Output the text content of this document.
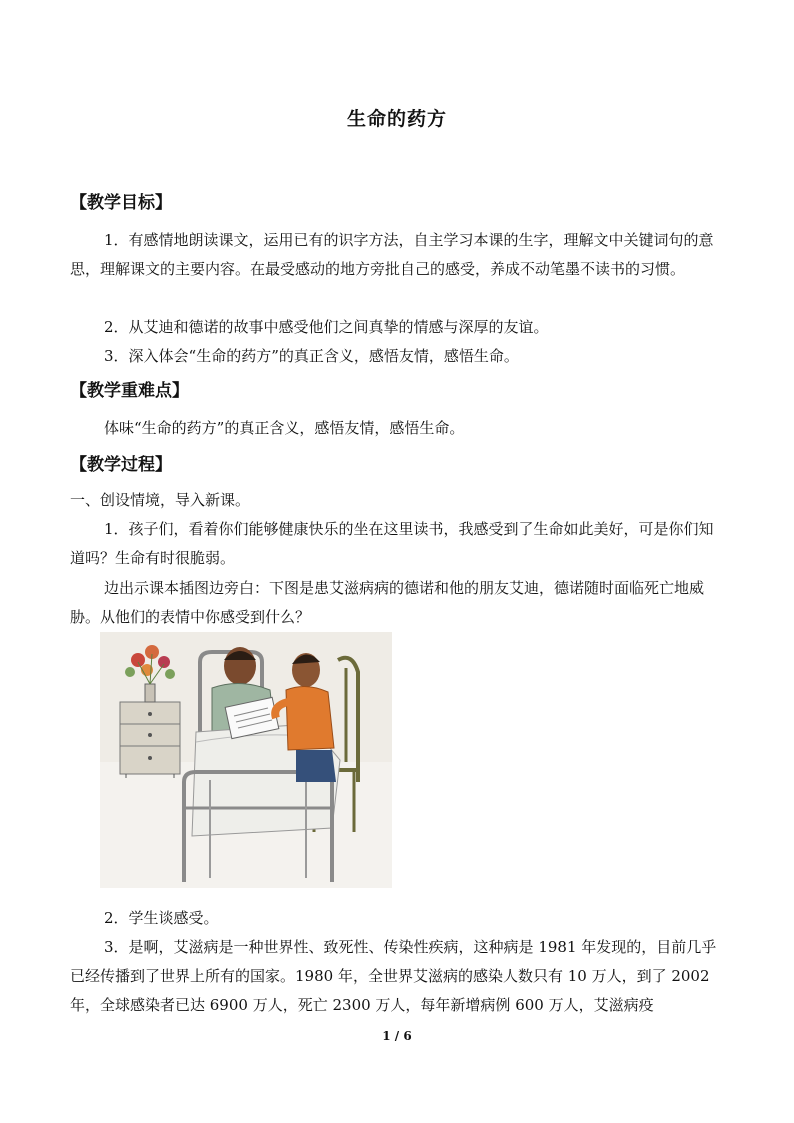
生命的药方
【教学目标】
1．有感情地朗读课文，运用已有的识字方法，自主学习本课的生字，理解文中关键词句的意思，理解课文的主要内容。在最受感动的地方旁批自己的感受，养成不动笔墨不读书的习惯。
2．从艾迪和德诺的故事中感受他们之间真挚的情感与深厚的友谊。
3．深入体会“生命的药方”的真正含义，感悟友情，感悟生命。
【教学重难点】
体味“生命的药方”的真正含义，感悟友情，感悟生命。
【教学过程】
一、创设情境，导入新课。
1．孩子们，看着你们能够健康快乐的坐在这里读书，我感受到了生命如此美好，可是你们知道吗？生命有时很脆弱。
边出示课本插图边旁白：下图是患艾滋病病的德诺和他的朋友艾迪，德诺随时面临死亡地威胁。从他们的表情中你感受到什么？
2．学生谈感受。
3．是啊，艾滋病是一种世界性、致死性、传染性疾病，这种病是 1981 年发现的，目前几乎已经传播到了世界上所有的国家。1980 年，全世界艾滋病的感染人数只有 10 万人，到了 2002 年，全球感染者已达 6900 万人，死亡 2300 万人，每年新增病例 600 万人，艾滋病疫
1 / 6
